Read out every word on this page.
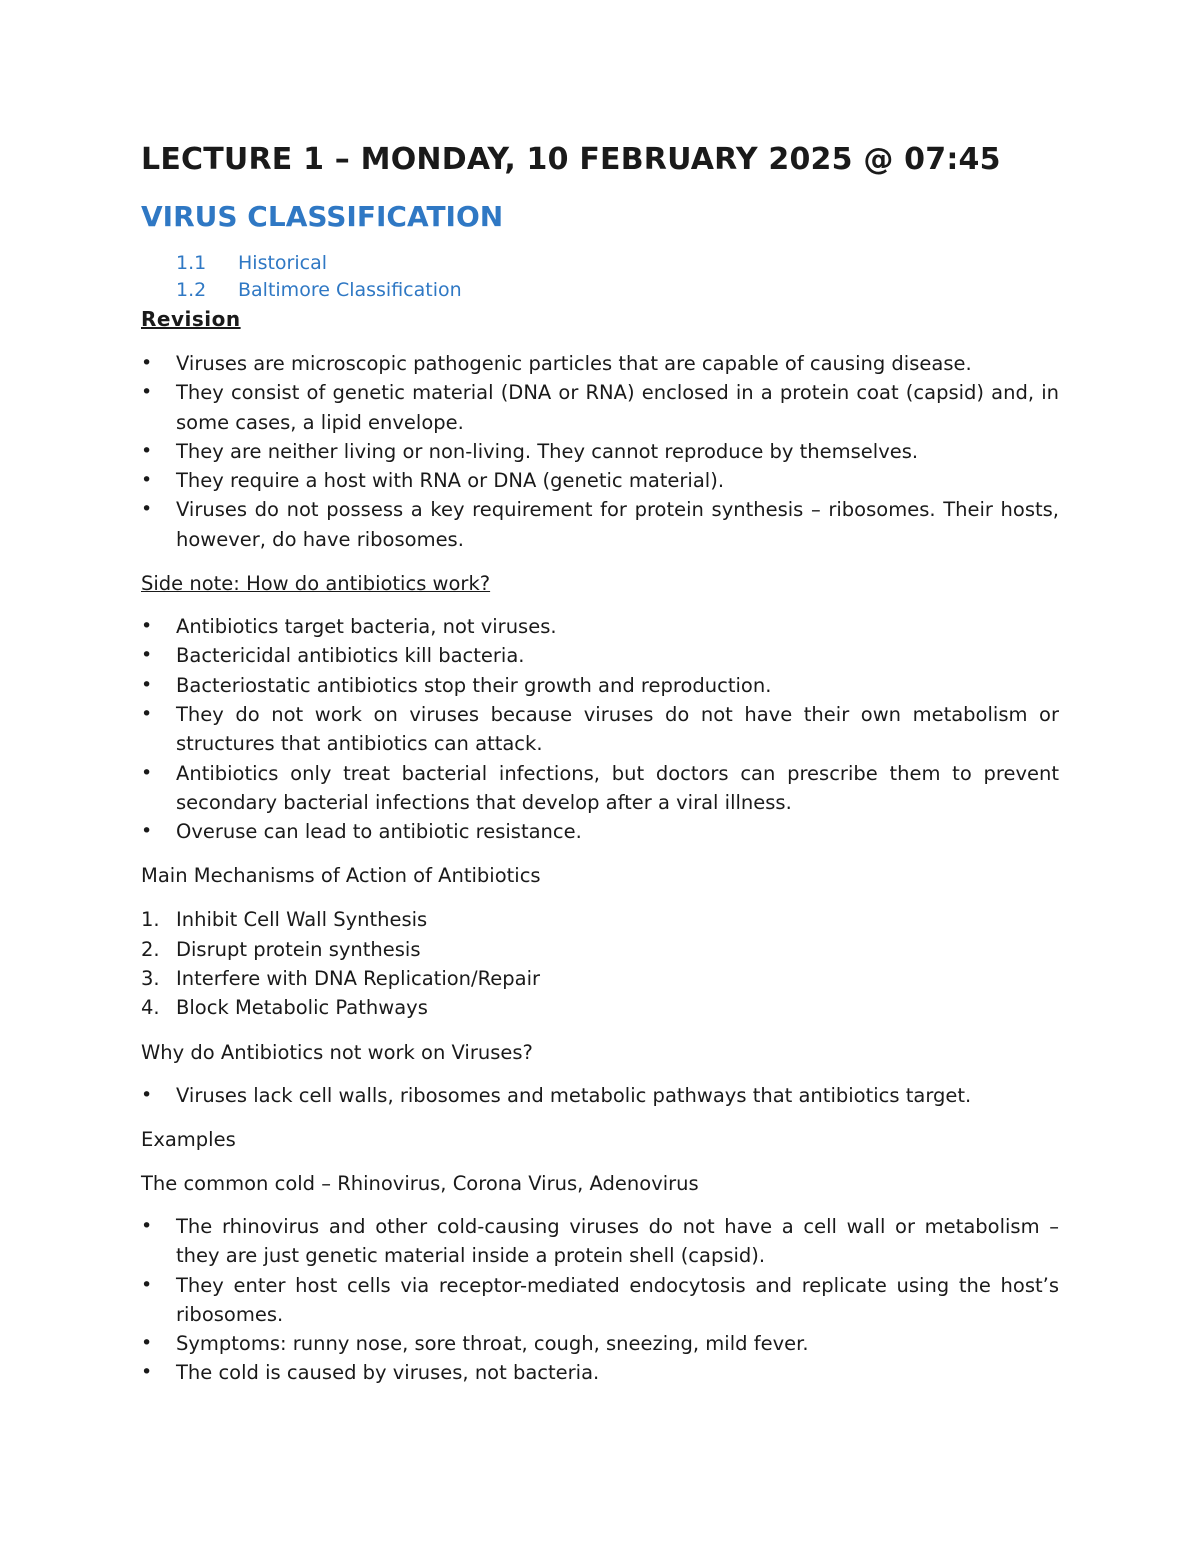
LECTURE 1 – MONDAY, 10 FEBRUARY 2025 @ 07:45
VIRUS CLASSIFICATION
1.1	Historical
1.2	Baltimore Classification

Revision

• Viruses are microscopic pathogenic particles that are capable of causing disease.
• They consist of genetic material (DNA or RNA) enclosed in a protein coat (capsid) and, in some cases, a lipid envelope.
• They are neither living or non-living. They cannot reproduce by themselves.
• They require a host with RNA or DNA (genetic material).
• Viruses do not possess a key requirement for protein synthesis – ribosomes. Their hosts, however, do have ribosomes.

Side note: How do antibiotics work?

• Antibiotics target bacteria, not viruses.
• Bactericidal antibiotics kill bacteria.
• Bacteriostatic antibiotics stop their growth and reproduction.
• They do not work on viruses because viruses do not have their own metabolism or structures that antibiotics can attack.
• Antibiotics only treat bacterial infections, but doctors can prescribe them to prevent secondary bacterial infections that develop after a viral illness.
• Overuse can lead to antibiotic resistance.

Main Mechanisms of Action of Antibiotics

1. Inhibit Cell Wall Synthesis
2. Disrupt protein synthesis
3. Interfere with DNA Replication/Repair
4. Block Metabolic Pathways

Why do Antibiotics not work on Viruses?

• Viruses lack cell walls, ribosomes and metabolic pathways that antibiotics target.

Examples

The common cold – Rhinovirus, Corona Virus, Adenovirus

• The rhinovirus and other cold-causing viruses do not have a cell wall or metabolism – they are just genetic material inside a protein shell (capsid).
• They enter host cells via receptor-mediated endocytosis and replicate using the host’s ribosomes.
• Symptoms: runny nose, sore throat, cough, sneezing, mild fever.
• The cold is caused by viruses, not bacteria.
